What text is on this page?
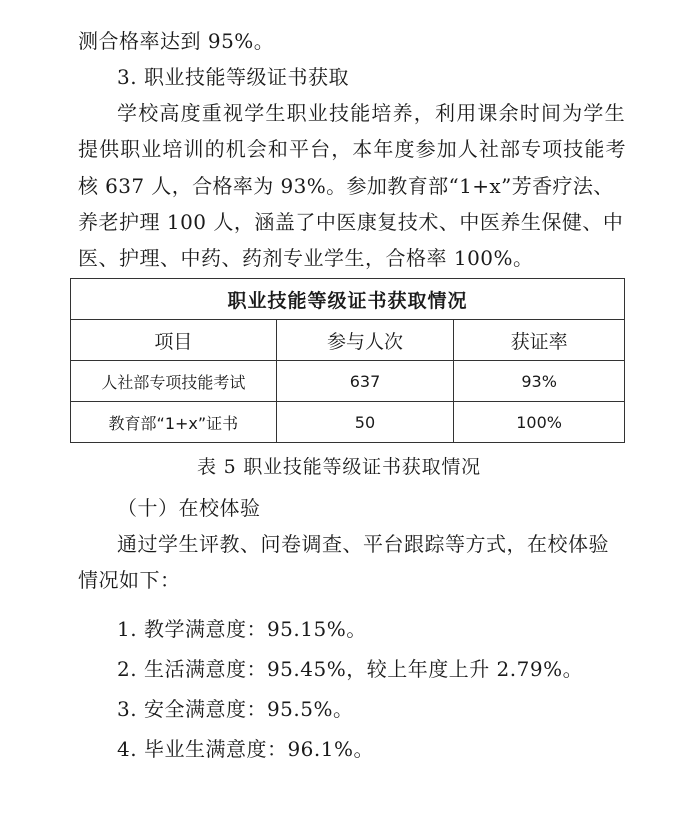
测合格率达到 95%。
3. 职业技能等级证书获取
学校高度重视学生职业技能培养，利用课余时间为学生
提供职业培训的机会和平台，本年度参加人社部专项技能考
核 637 人，合格率为 93%。参加教育部“1+x”芳香疗法、
养老护理 100 人，涵盖了中医康复技术、中医养生保健、中
医、护理、中药、药剂专业学生，合格率 100%。
职业技能等级证书获取情况		
项目	参与人次	获证率
人社部专项技能考试	637	93%
教育部“1+x”证书	50	100%
表 5 职业技能等级证书获取情况
（十）在校体验
通过学生评教、问卷调查、平台跟踪等方式，在校体验
情况如下：
1. 教学满意度：95.15%。
2. 生活满意度：95.45%，较上年度上升 2.79%。
3. 安全满意度：95.5%。
4. 毕业生满意度：96.1%。
